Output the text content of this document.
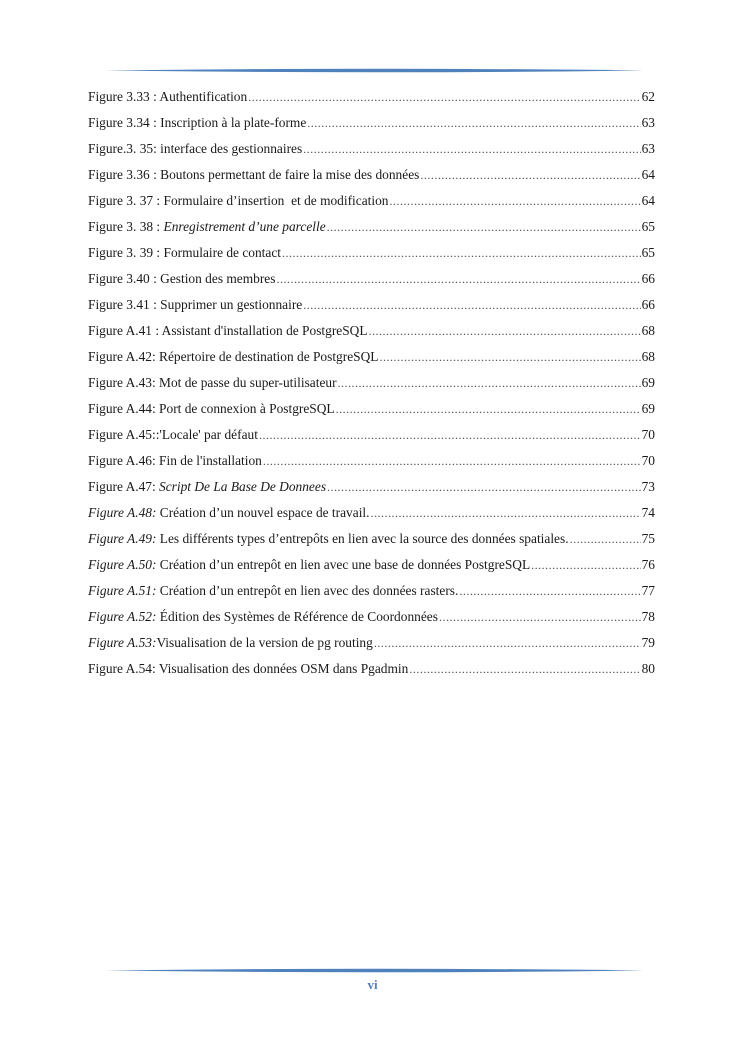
Figure 3.33 : Authentification .....	62
Figure 3.34 : Inscription à la plate-forme .....	63
Figure.3. 35: interface des gestionnaires .....	63
Figure 3.36 : Boutons permettant de faire la mise des données .....	64
Figure 3. 37 : Formulaire d’insertion  et de modification .....	64
Figure 3. 38 : Enregistrement d’une parcelle .....	65
Figure 3. 39 : Formulaire de contact .....	65
Figure 3.40 : Gestion des membres .....	66
Figure 3.41 : Supprimer un gestionnaire .....	66
Figure A.41 : Assistant d'installation de PostgreSQL .....	68
Figure A.42: Répertoire de destination de PostgreSQL .....	68
Figure A.43: Mot de passe du super-utilisateur .....	69
Figure A.44: Port de connexion à PostgreSQL .....	69
Figure A.45::'Locale' par défaut .....	70
Figure A.46: Fin de l'installation .....	70
Figure A.47: Script De La Base De Donnees .....	73
Figure A.48: Création d’un nouvel espace de travail. .....	74
Figure A.49: Les différents types d’entrepôts en lien avec la source des données spatiales. .....	75
Figure A.50: Création d’un entrepôt en lien avec une base de données PostgreSQL .....	76
Figure A.51: Création d’un entrepôt en lien avec des données rasters. .....	77
Figure A.52: Édition des Systèmes de Référence de Coordonnées .....	78
Figure A.53:Visualisation de la version de pg routing .....	79
Figure A.54: Visualisation des données OSM dans Pgadmin .....	80
vi
